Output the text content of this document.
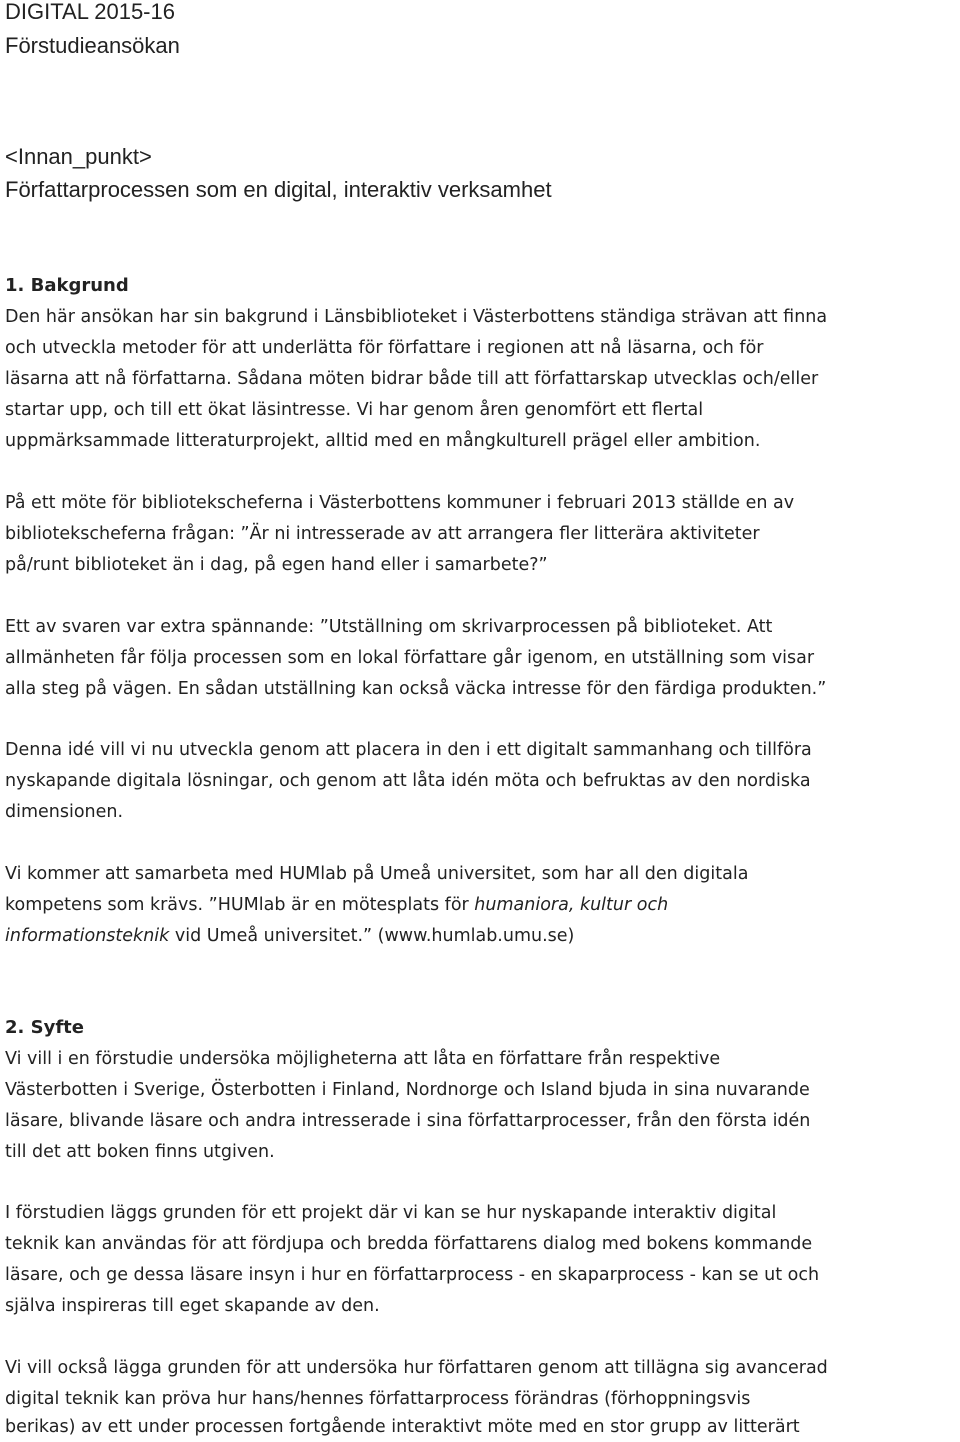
DIGITAL 2015-16
Förstudieansökan
<Innan_punkt>
Författarprocessen som en digital, interaktiv verksamhet
1. Bakgrund
Den här ansökan har sin bakgrund i Länsbiblioteket i Västerbottens ständiga strävan att finna
och utveckla metoder för att underlätta för författare i regionen att nå läsarna, och för
läsarna att nå författarna. Sådana möten bidrar både till att författarskap utvecklas och/eller
startar upp, och till ett ökat läsintresse. Vi har genom åren genomfört ett flertal
uppmärksammade litteraturprojekt, alltid med en mångkulturell prägel eller ambition.
På ett möte för bibliotekscheferna i Västerbottens kommuner i februari 2013 ställde en av
bibliotekscheferna frågan: ”Är ni intresserade av att arrangera fler litterära aktiviteter
på/runt biblioteket än i dag, på egen hand eller i samarbete?”
Ett av svaren var extra spännande: ”Utställning om skrivarprocessen på biblioteket. Att
allmänheten får följa processen som en lokal författare går igenom, en utställning som visar
alla steg på vägen. En sådan utställning kan också väcka intresse för den färdiga produkten.”
Denna idé vill vi nu utveckla genom att placera in den i ett digitalt sammanhang och tillföra
nyskapande digitala lösningar, och genom att låta idén möta och befruktas av den nordiska
dimensionen.
Vi kommer att samarbeta med HUMlab på Umeå universitet, som har all den digitala
kompetens som krävs. ”HUMlab är en mötesplats för humaniora, kultur och
informationsteknik vid Umeå universitet.” (www.humlab.umu.se)
2. Syfte
Vi vill i en förstudie undersöka möjligheterna att låta en författare från respektive
Västerbotten i Sverige, Österbotten i Finland, Nordnorge och Island bjuda in sina nuvarande
läsare, blivande läsare och andra intresserade i sina författarprocesser, från den första idén
till det att boken finns utgiven.
I förstudien läggs grunden för ett projekt där vi kan se hur nyskapande interaktiv digital
teknik kan användas för att fördjupa och bredda författarens dialog med bokens kommande
läsare, och ge dessa läsare insyn i hur en författarprocess - en skaparprocess - kan se ut och
själva inspireras till eget skapande av den.
Vi vill också lägga grunden för att undersöka hur författaren genom att tillägna sig avancerad
digital teknik kan pröva hur hans/hennes författarprocess förändras (förhoppningsvis
berikas) av ett under processen fortgående interaktivt möte med en stor grupp av litterärt
